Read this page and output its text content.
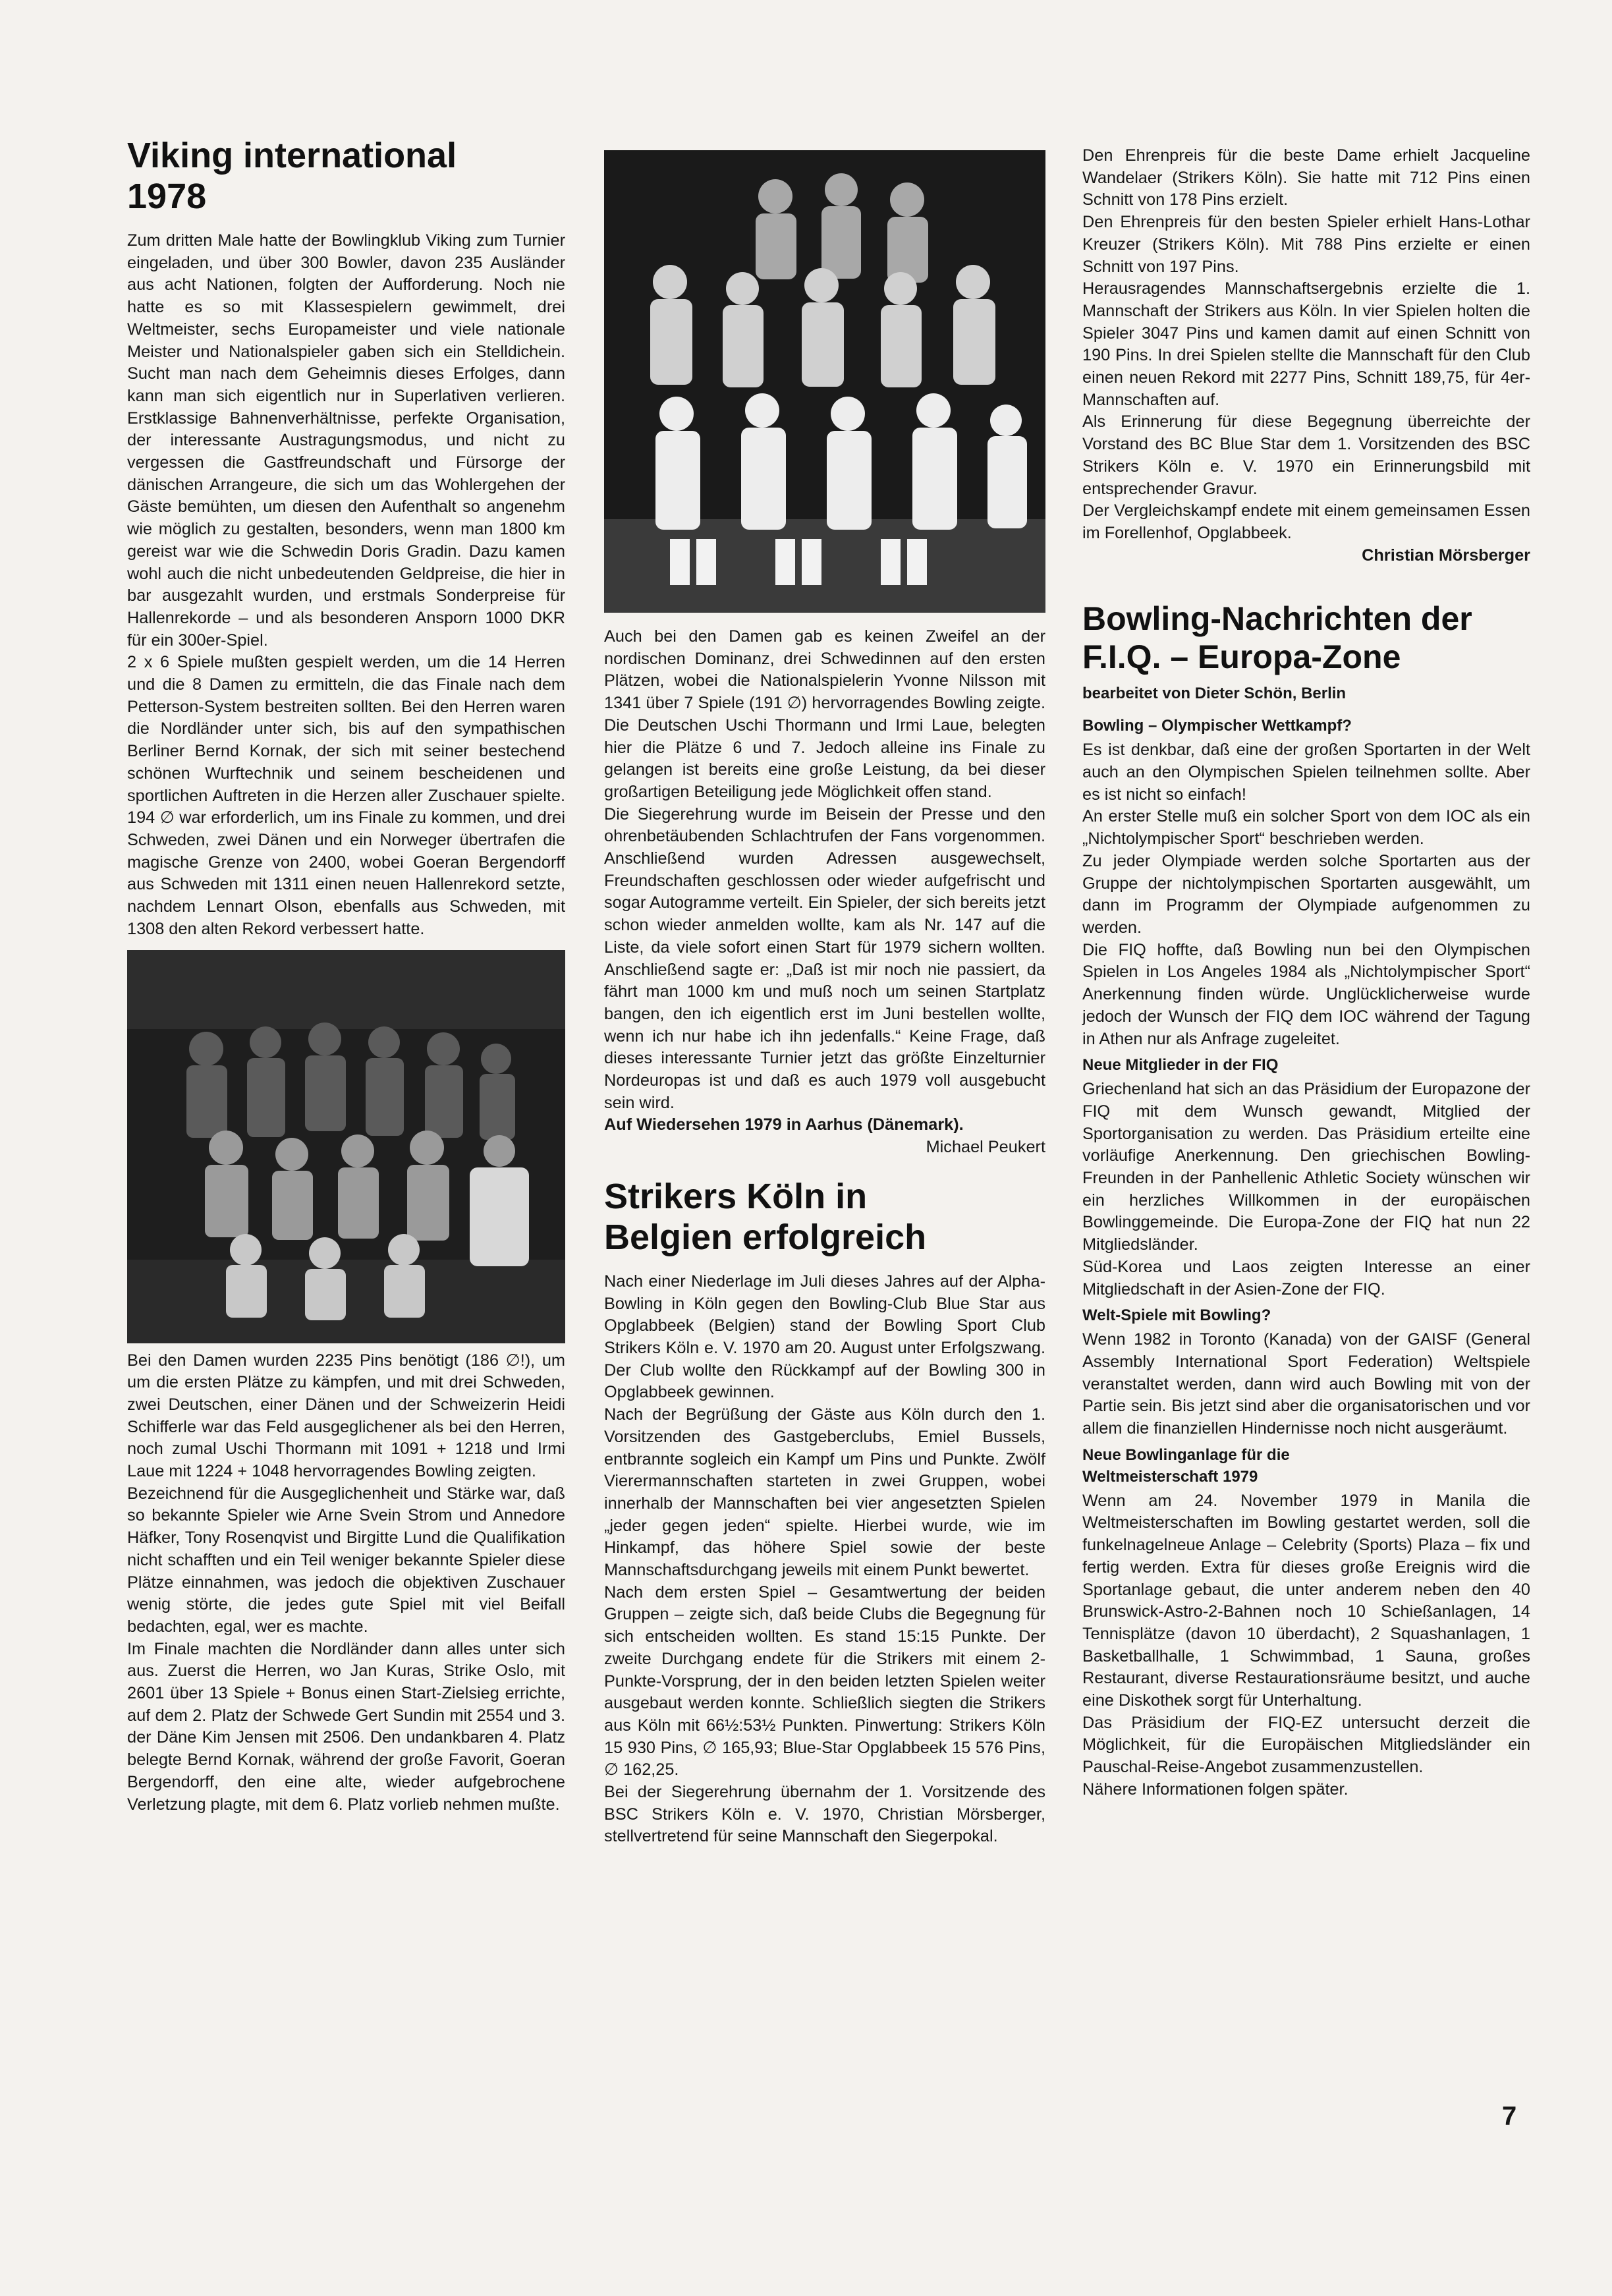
Viking international
1978

Zum dritten Male hatte der Bowlingklub Viking zum Turnier eingeladen, und über 300 Bowler, davon 235 Ausländer aus acht Nationen, folgten der Aufforderung. Noch nie hatte es so mit Klassespielern gewimmelt, drei Weltmeister, sechs Europameister und viele nationale Meister und Nationalspieler gaben sich ein Stelldichein. Sucht man nach dem Geheimnis dieses Erfolges, dann kann man sich eigentlich nur in Superlativen verlieren. Erstklassige Bahnenverhältnisse, perfekte Organisation, der interessante Austragungsmodus, und nicht zu vergessen die Gastfreundschaft und Fürsorge der dänischen Arrangeure, die sich um das Wohlergehen der Gäste bemühten, um diesen den Aufenthalt so angenehm wie möglich zu gestalten, besonders, wenn man 1800 km gereist war wie die Schwedin Doris Gradin. Dazu kamen wohl auch die nicht unbedeutenden Geldpreise, die hier in bar ausgezahlt wurden, und erstmals Sonderpreise für Hallenrekorde – und als besonderen Ansporn 1000 DKR für ein 300er-Spiel.

2 x 6 Spiele mußten gespielt werden, um die 14 Herren und die 8 Damen zu ermitteln, die das Finale nach dem Petterson-System bestreiten sollten. Bei den Herren waren die Nordländer unter sich, bis auf den sympathischen Berliner Bernd Kornak, der sich mit seiner bestechend schönen Wurftechnik und seinem bescheidenen und sportlichen Auftreten in die Herzen aller Zuschauer spielte. 194 ∅ war erforderlich, um ins Finale zu kommen, und drei Schweden, zwei Dänen und ein Norweger übertrafen die magische Grenze von 2400, wobei Goeran Bergendorff aus Schweden mit 1311 einen neuen Hallenrekord setzte, nachdem Lennart Olson, ebenfalls aus Schweden, mit 1308 den alten Rekord verbessert hatte.

Bei den Damen wurden 2235 Pins benötigt (186 ∅!), um um die ersten Plätze zu kämpfen, und mit drei Schweden, zwei Deutschen, einer Dänen und der Schweizerin Heidi Schifferle war das Feld ausgeglichener als bei den Herren, noch zumal Uschi Thormann mit 1091 + 1218 und Irmi Laue mit 1224 + 1048 hervorragendes Bowling zeigten.

Bezeichnend für die Ausgeglichenheit und Stärke war, daß so bekannte Spieler wie Arne Svein Strom und Annedore Häfker, Tony Rosenqvist und Birgitte Lund die Qualifikation nicht schafften und ein Teil weniger bekannte Spieler diese Plätze einnahmen, was jedoch die objektiven Zuschauer wenig störte, die jedes gute Spiel mit viel Beifall bedachten, egal, wer es machte.

Im Finale machten die Nordländer dann alles unter sich aus. Zuerst die Herren, wo Jan Kuras, Strike Oslo, mit 2601 über 13 Spiele + Bonus einen Start-Zielsieg errichte, auf dem 2. Platz der Schwede Gert Sundin mit 2554 und 3. der Däne Kim Jensen mit 2506. Den undankbaren 4. Platz belegte Bernd Kornak, während der große Favorit, Goeran Bergendorff, den eine alte, wieder aufgebrochene Verletzung plagte, mit dem 6. Platz vorlieb nehmen mußte.

Auch bei den Damen gab es keinen Zweifel an der nordischen Dominanz, drei Schwedinnen auf den ersten Plätzen, wobei die Nationalspielerin Yvonne Nilsson mit 1341 über 7 Spiele (191 ∅) hervorragendes Bowling zeigte. Die Deutschen Uschi Thormann und Irmi Laue, belegten hier die Plätze 6 und 7. Jedoch alleine ins Finale zu gelangen ist bereits eine große Leistung, da bei dieser großartigen Beteiligung jede Möglichkeit offen stand.

Die Siegerehrung wurde im Beisein der Presse und den ohrenbetäubenden Schlachtrufen der Fans vorgenommen. Anschließend wurden Adressen ausgewechselt, Freundschaften geschlossen oder wieder aufgefrischt und sogar Autogramme verteilt. Ein Spieler, der sich bereits jetzt schon wieder anmelden wollte, kam als Nr. 147 auf die Liste, da viele sofort einen Start für 1979 sichern wollten. Anschließend sagte er: „Daß ist mir noch nie passiert, da fährt man 1000 km und muß noch um seinen Startplatz bangen, den ich eigentlich erst im Juni bestellen wollte, wenn ich nur habe ich ihn jedenfalls.“ Keine Frage, daß dieses interessante Turnier jetzt das größte Einzelturnier Nordeuropas ist und daß es auch 1979 voll ausgebucht sein wird.

Auf Wiedersehen 1979 in Aarhus (Dänemark).

Michael Peukert

Strikers Köln in
Belgien erfolgreich

Nach einer Niederlage im Juli dieses Jahres auf der Alpha-Bowling in Köln gegen den Bowling-Club Blue Star aus Opglabbeek (Belgien) stand der Bowling Sport Club Strikers Köln e. V. 1970 am 20. August unter Erfolgszwang. Der Club wollte den Rückkampf auf der Bowling 300 in Opglabbeek gewinnen.

Nach der Begrüßung der Gäste aus Köln durch den 1. Vorsitzenden des Gastgeberclubs, Emiel Bussels, entbrannte sogleich ein Kampf um Pins und Punkte. Zwölf Vierermannschaften starteten in zwei Gruppen, wobei innerhalb der Mannschaften bei vier angesetzten Spielen „jeder gegen jeden“ spielte. Hierbei wurde, wie im Hinkampf, das höhere Spiel sowie der beste Mannschaftsdurchgang jeweils mit einem Punkt bewertet.

Nach dem ersten Spiel – Gesamtwertung der beiden Gruppen – zeigte sich, daß beide Clubs die Begegnung für sich entscheiden wollten. Es stand 15:15 Punkte. Der zweite Durchgang endete für die Strikers mit einem 2-Punkte-Vorsprung, der in den beiden letzten Spielen weiter ausgebaut werden konnte. Schließlich siegten die Strikers aus Köln mit 66½:53½ Punkten. Pinwertung: Strikers Köln 15 930 Pins, ∅ 165,93; Blue-Star Opglabbeek 15 576 Pins, ∅ 162,25.

Bei der Siegerehrung übernahm der 1. Vorsitzende des BSC Strikers Köln e. V. 1970, Christian Mörsberger, stellvertretend für seine Mannschaft den Siegerpokal.

Den Ehrenpreis für die beste Dame erhielt Jacqueline Wandelaer (Strikers Köln). Sie hatte mit 712 Pins einen Schnitt von 178 Pins erzielt.

Den Ehrenpreis für den besten Spieler erhielt Hans-Lothar Kreuzer (Strikers Köln). Mit 788 Pins erzielte er einen Schnitt von 197 Pins.

Herausragendes Mannschaftsergebnis erzielte die 1. Mannschaft der Strikers aus Köln. In vier Spielen holten die Spieler 3047 Pins und kamen damit auf einen Schnitt von 190 Pins. In drei Spielen stellte die Mannschaft für den Club einen neuen Rekord mit 2277 Pins, Schnitt 189,75, für 4er-Mannschaften auf.

Als Erinnerung für diese Begegnung überreichte der Vorstand des BC Blue Star dem 1. Vorsitzenden des BSC Strikers Köln e. V. 1970 ein Erinnerungsbild mit entsprechender Gravur.

Der Vergleichskampf endete mit einem gemeinsamen Essen im Forellenhof, Opglabbeek.

Christian Mörsberger

Bowling-Nachrichten der
F.I.Q. – Europa-Zone

bearbeitet von Dieter Schön, Berlin

Bowling – Olympischer Wettkampf?

Es ist denkbar, daß eine der großen Sportarten in der Welt auch an den Olympischen Spielen teilnehmen sollte. Aber es ist nicht so einfach!

An erster Stelle muß ein solcher Sport von dem IOC als ein „Nichtolympischer Sport“ beschrieben werden.

Zu jeder Olympiade werden solche Sportarten aus der Gruppe der nichtolympischen Sportarten ausgewählt, um dann im Programm der Olympiade aufgenommen zu werden.

Die FIQ hoffte, daß Bowling nun bei den Olympischen Spielen in Los Angeles 1984 als „Nichtolympischer Sport“ Anerkennung finden würde. Unglücklicherweise wurde jedoch der Wunsch der FIQ dem IOC während der Tagung in Athen nur als Anfrage zugeleitet.

Neue Mitglieder in der FIQ

Griechenland hat sich an das Präsidium der Europazone der FIQ mit dem Wunsch gewandt, Mitglied der Sportorganisation zu werden. Das Präsidium erteilte eine vorläufige Anerkennung. Den griechischen Bowling-Freunden in der Panhellenic Athletic Society wünschen wir ein herzliches Willkommen in der europäischen Bowlinggemeinde. Die Europa-Zone der FIQ hat nun 22 Mitgliedsländer.

Süd-Korea und Laos zeigten Interesse an einer Mitgliedschaft in der Asien-Zone der FIQ.

Welt-Spiele mit Bowling?

Wenn 1982 in Toronto (Kanada) von der GAISF (General Assembly International Sport Federation) Weltspiele veranstaltet werden, dann wird auch Bowling mit von der Partie sein. Bis jetzt sind aber die organisatorischen und vor allem die finanziellen Hindernisse noch nicht ausgeräumt.

Neue Bowlinganlage für die
Weltmeisterschaft 1979

Wenn am 24. November 1979 in Manila die Weltmeisterschaften im Bowling gestartet werden, soll die funkelnagelneue Anlage – Celebrity (Sports) Plaza – fix und fertig werden. Extra für dieses große Ereignis wird die Sportanlage gebaut, die unter anderem neben den 40 Brunswick-Astro-2-Bahnen noch 10 Schießanlagen, 14 Tennisplätze (davon 10 überdacht), 2 Squashanlagen, 1 Basketballhalle, 1 Schwimmbad, 1 Sauna, großes Restaurant, diverse Restaurationsräume besitzt, und auche eine Diskothek sorgt für Unterhaltung.

Das Präsidium der FIQ-EZ untersucht derzeit die Möglichkeit, für die Europäischen Mitgliedsländer ein Pauschal-Reise-Angebot zusammenzustellen.

Nähere Informationen folgen später.

7
